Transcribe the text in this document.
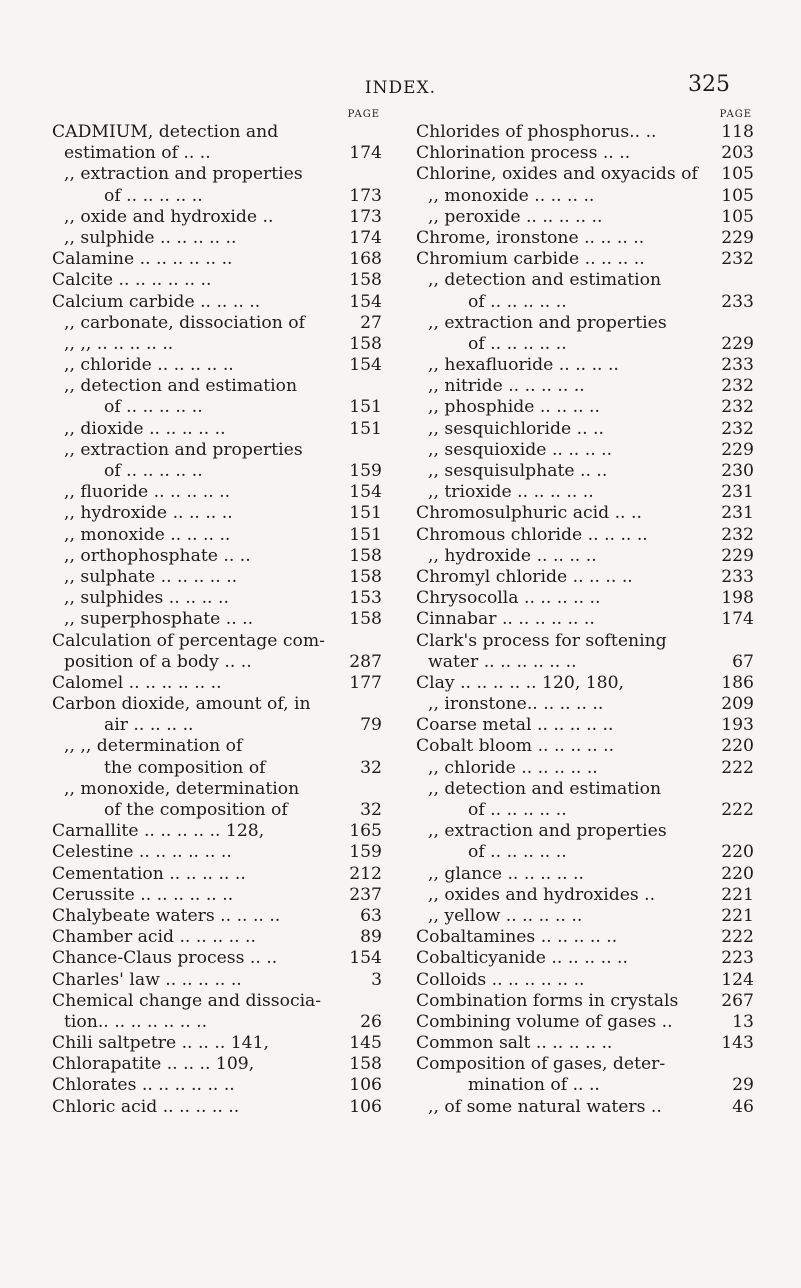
INDEX.	325
PAGE
CADMIUM, detection and
estimation of .. ..	174
,, extraction and properties
of .. .. .. .. ..	173
,, oxide and hydroxide ..	173
,, sulphide .. .. .. .. ..	174
Calamine .. .. .. .. .. ..	168
Calcite .. .. .. .. .. ..	158
Calcium carbide .. .. .. ..	154
,, carbonate, dissociation of	27
,, ,, .. .. .. .. ..	158
,, chloride .. .. .. .. ..	154
,, detection and estimation
of .. .. .. .. ..	151
,, dioxide .. .. .. .. ..	151
,, extraction and properties
of .. .. .. .. ..	159
,, fluoride .. .. .. .. ..	154
,, hydroxide .. .. .. ..	151
,, monoxide .. .. .. ..	151
,, orthophosphate .. ..	158
,, sulphate .. .. .. .. ..	158
,, sulphides .. .. .. ..	153
,, superphosphate .. ..	158
Calculation of percentage com-
position of a body .. ..	287
Calomel .. .. .. .. .. ..	177
Carbon dioxide, amount of, in
air .. .. .. ..	79
,, ,, determination of
the composition of	32
,, monoxide, determination
of the composition of	32
Carnallite .. .. .. .. .. 128,	165
Celestine .. .. .. .. .. ..	159
Cementation .. .. .. .. ..	212
Cerussite .. .. .. .. .. ..	237
Chalybeate waters .. .. .. ..	63
Chamber acid .. .. .. .. ..	89
Chance-Claus process .. ..	154
Charles' law .. .. .. .. ..	3
Chemical change and dissocia-
tion.. .. .. .. .. .. ..	26
Chili saltpetre .. .. .. 141,	145
Chlorapatite .. .. .. 109,	158
Chlorates .. .. .. .. .. ..	106
Chloric acid .. .. .. .. ..	106
PAGE
Chlorides of phosphorus.. ..	118
Chlorination process .. ..	203
Chlorine, oxides and oxyacids of 105
,, monoxide .. .. .. ..	105
,, peroxide .. .. .. .. ..	105
Chrome, ironstone .. .. .. ..	229
Chromium carbide .. .. .. ..	232
,, detection and estimation
of .. .. .. .. ..	233
,, extraction and properties
of .. .. .. .. ..	229
,, hexafluoride .. .. .. ..	233
,, nitride .. .. .. .. ..	232
,, phosphide .. .. .. ..	232
,, sesquichloride .. ..	232
,, sesquioxide .. .. .. ..	229
,, sesquisulphate .. ..	230
,, trioxide .. .. .. .. ..	231
Chromosulphuric acid .. ..	231
Chromous chloride .. .. .. ..	232
,, hydroxide .. .. .. ..	229
Chromyl chloride .. .. .. ..	233
Chrysocolla .. .. .. .. ..	198
Cinnabar .. .. .. .. .. ..	174
Clark's process for softening
water .. .. .. .. .. ..	67
Clay .. .. .. .. .. 120, 180,	186
,, ironstone.. .. .. .. ..	209
Coarse metal .. .. .. .. ..	193
Cobalt bloom .. .. .. .. ..	220
,, chloride .. .. .. .. ..	222
,, detection and estimation
of .. .. .. .. ..	222
,, extraction and properties
of .. .. .. .. ..	220
,, glance .. .. .. .. ..	220
,, oxides and hydroxides ..	221
,, yellow .. .. .. .. ..	221
Cobaltamines .. .. .. .. ..	222
Cobalticyanide .. .. .. .. ..	223
Colloids .. .. .. .. .. ..	124
Combination forms in crystals 267
Combining volume of gases ..	13
Common salt .. .. .. .. ..	143
Composition of gases, deter-
mination of .. ..	29
,, of some natural waters ..	46
